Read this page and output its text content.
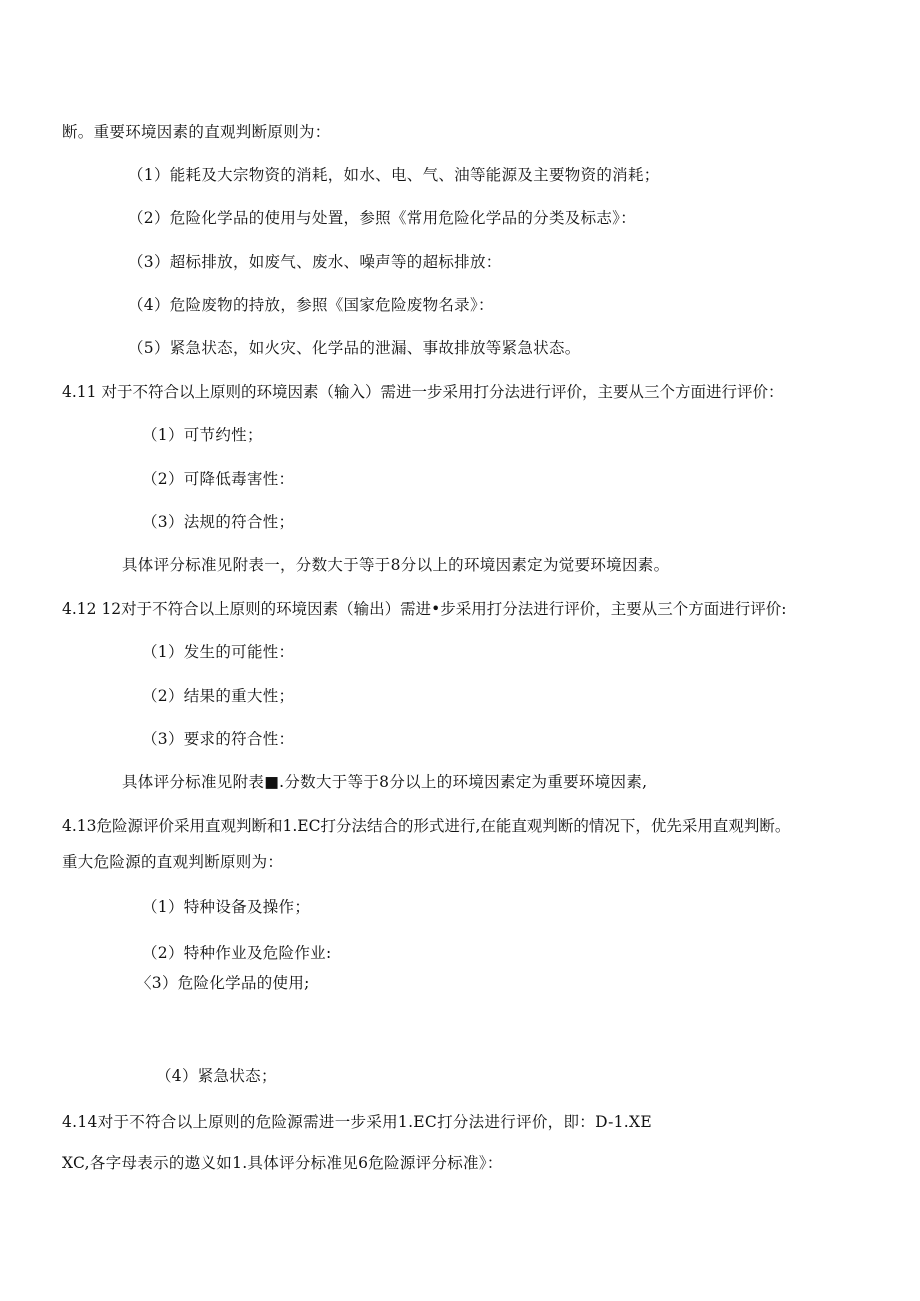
断。重要环境因素的直观判断原则为：
（1）能耗及大宗物资的消耗，如水、电、气、油等能源及主要物资的消耗；
（2）危险化学品的使用与处置，参照《常用危险化学品的分类及标志》：
（3）超标排放，如废气、废水、噪声等的超标排放：
（4）危险废物的持放，参照《国家危险废物名录》：
（5）紧急状态，如火灾、化学品的泄漏、事故排放等紧急状态。
4.11 对于不符合以上原则的环境因素（输入）需进一步采用打分法进行评价，主要从三个方面进行评价：
（1）可节约性；
（2）可降低毒害性：
（3）法规的符合性；
具体评分标准见附表一，分数大于等于8分以上的环境因素定为觉要环境因素。
4.12 12对于不符合以上原则的环境因素（输出）需进•步采用打分法进行评价，主要从三个方面进行评价:
（1）发生的可能性：
（2）结果的重大性；
（3）要求的符合性：
具体评分标准见附表■.分数大于等于8分以上的环境因素定为重要环境因素,
4.13危险源评价采用直观判断和1.EC打分法结合的形式进行,在能直观判断的情况下，优先采用直观判断。
重大危险源的直观判断原则为：
（1）特种设备及操作；
（2）特种作业及危险作业:
〈3）危险化学品的使用;
（4）紧急状态；
4.14对于不符合以上原则的危险源需进一步采用1.EC打分法进行评价，即：D-1.XE
XC,各字母表示的遨义如1.具体评分标准见6危险源评分标准》：
